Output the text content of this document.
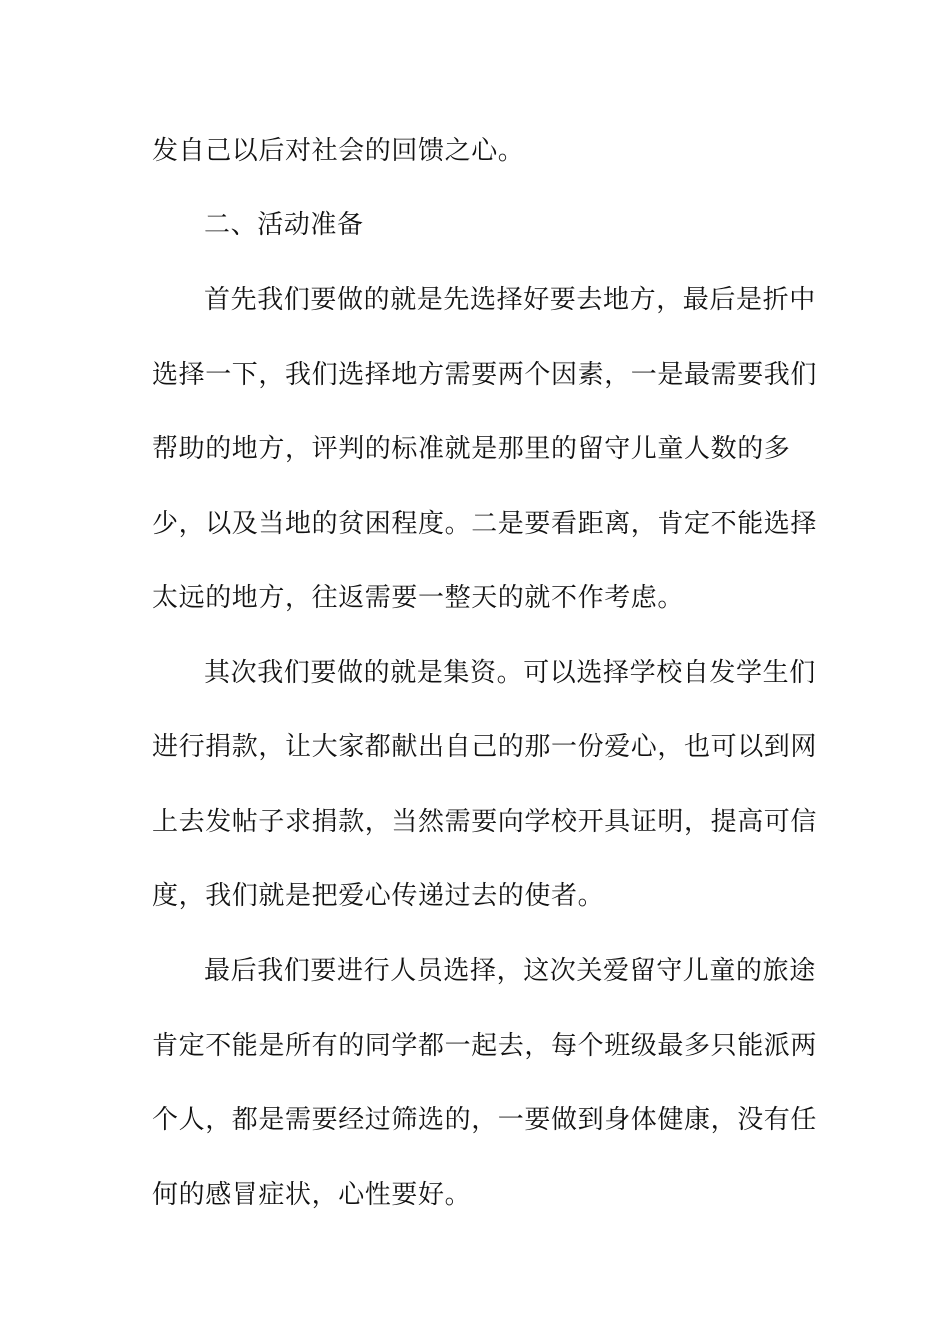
发自己以后对社会的回馈之心。
二、活动准备
首先我们要做的就是先选择好要去地方，最后是折中
选择一下，我们选择地方需要两个因素，一是最需要我们
帮助的地方，评判的标准就是那里的留守儿童人数的多
少，以及当地的贫困程度。二是要看距离，肯定不能选择
太远的地方，往返需要一整天的就不作考虑。
其次我们要做的就是集资。可以选择学校自发学生们
进行捐款，让大家都献出自己的那一份爱心，也可以到网
上去发帖子求捐款，当然需要向学校开具证明，提高可信
度，我们就是把爱心传递过去的使者。
最后我们要进行人员选择，这次关爱留守儿童的旅途
肯定不能是所有的同学都一起去，每个班级最多只能派两
个人，都是需要经过筛选的，一要做到身体健康，没有任
何的感冒症状，心性要好。
